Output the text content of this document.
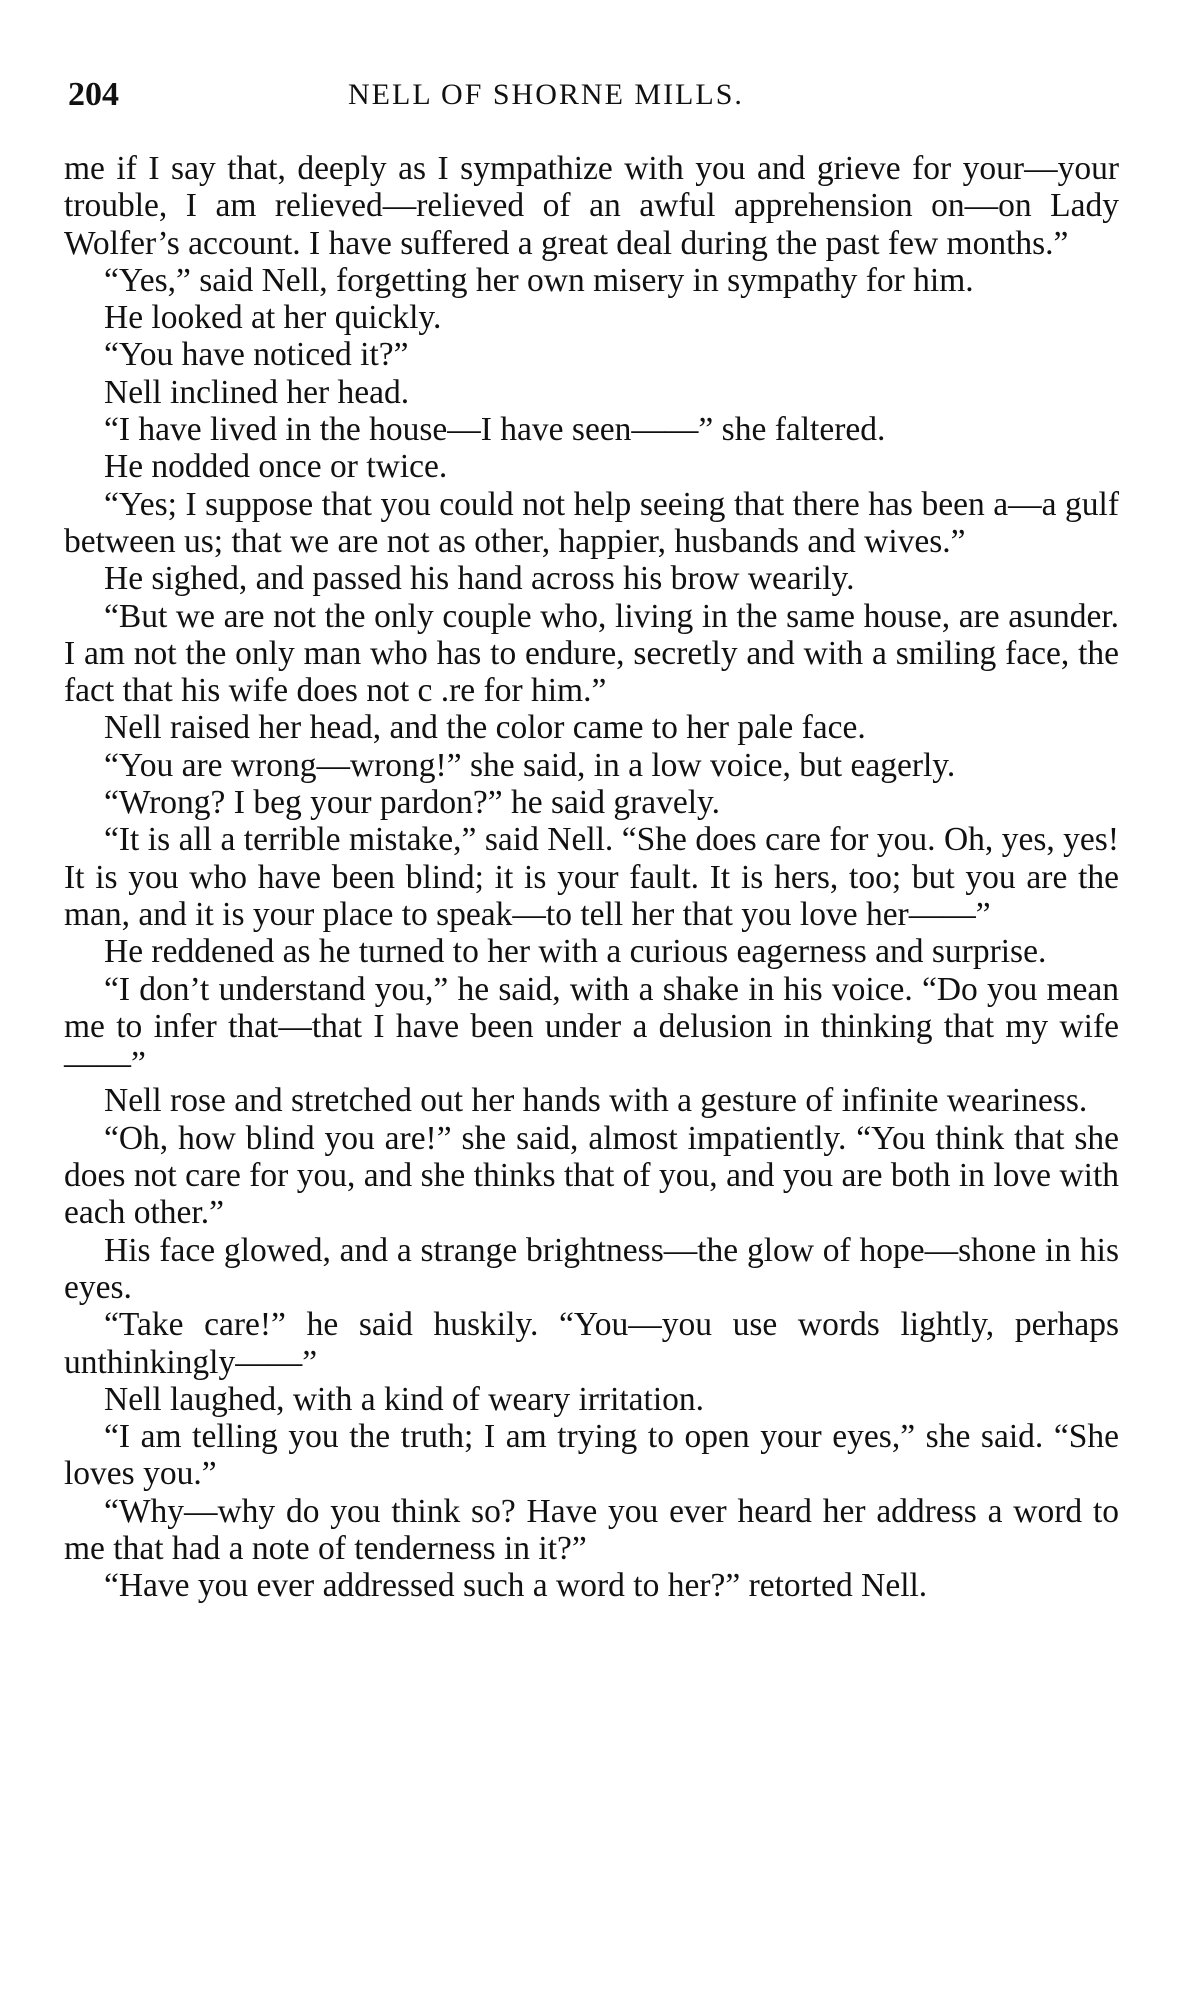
204	NELL OF SHORNE MILLS.

me if I say that, deeply as I sympathize with you and grieve for your—your trouble, I am relieved—relieved of an awful apprehension on—on Lady Wolfer’s account. I have suffered a great deal during the past few months.”

“Yes,” said Nell, forgetting her own misery in sympathy for him.

He looked at her quickly.

“You have noticed it?”

Nell inclined her head.

“I have lived in the house—I have seen——” she faltered.

He nodded once or twice.

“Yes; I suppose that you could not help seeing that there has been a—a gulf between us; that we are not as other, happier, husbands and wives.”

He sighed, and passed his hand across his brow wearily.

“But we are not the only couple who, living in the same house, are asunder. I am not the only man who has to endure, secretly and with a smiling face, the fact that his wife does not c .re for him.”

Nell raised her head, and the color came to her pale face.

“You are wrong—wrong!” she said, in a low voice, but eagerly.

“Wrong? I beg your pardon?” he said gravely.

“It is all a terrible mistake,” said Nell. “She does care for you. Oh, yes, yes! It is you who have been blind; it is your fault. It is hers, too; but you are the man, and it is your place to speak—to tell her that you love her——”

He reddened as he turned to her with a curious eagerness and surprise.

“I don’t understand you,” he said, with a shake in his voice. “Do you mean me to infer that—that I have been under a delusion in thinking that my wife——”

Nell rose and stretched out her hands with a gesture of infinite weariness.

“Oh, how blind you are!” she said, almost impatiently. “You think that she does not care for you, and she thinks that of you, and you are both in love with each other.”

His face glowed, and a strange brightness—the glow of hope—shone in his eyes.

“Take care!” he said huskily. “You—you use words lightly, perhaps unthinkingly——”

Nell laughed, with a kind of weary irritation.

“I am telling you the truth; I am trying to open your eyes,” she said. “She loves you.”

“Why—why do you think so? Have you ever heard her address a word to me that had a note of tenderness in it?”

“Have you ever addressed such a word to her?” retorted Nell.
